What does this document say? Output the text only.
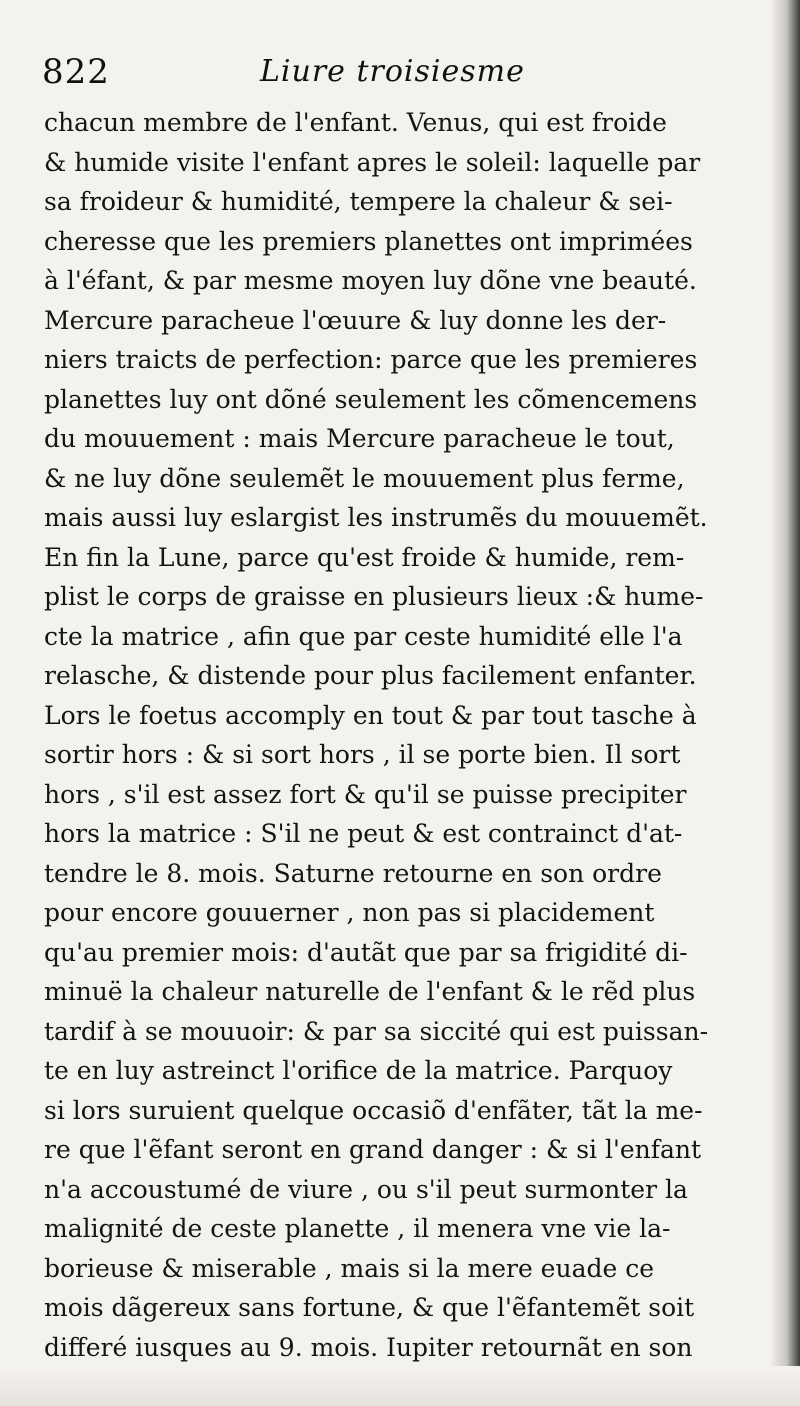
822	Liure troisiesme
chacun membre de l'enfant. Venus, qui est froide
& humide visite l'enfant apres le soleil: laquelle par
sa froideur & humidité, tempere la chaleur & sei-
cheresse que les premiers planettes ont imprimées
à l'éfant, & par mesme moyen luy dõne vne beauté.
Mercure paracheue l'œuure & luy donne les der-
niers traicts de perfection: parce que les premieres
planettes luy ont dõné seulement les cõmencemens
du mouuement : mais Mercure paracheue le tout,
& ne luy dõne seulemẽt le mouuement plus ferme,
mais aussi luy eslargist les instrumẽs du mouuemẽt.
En fin la Lune, parce qu'est froide & humide, rem-
plist le corps de graisse en plusieurs lieux :& hume-
cte la matrice , afin que par ceste humidité elle l'a
relasche, & distende pour plus facilement enfanter.
Lors le foetus accomply en tout & par tout tasche à
sortir hors : & si sort hors , il se porte bien. Il sort
hors , s'il est assez fort & qu'il se puisse precipiter
hors la matrice : S'il ne peut & est contrainct d'at-
tendre le 8. mois. Saturne retourne en son ordre
pour encore gouuerner , non pas si placidement
qu'au premier mois: d'autãt que par sa frigidité di-
minuë la chaleur naturelle de l'enfant & le rẽd plus
tardif à se mouuoir: & par sa siccité qui est puissan-
te en luy astreinct l'orifice de la matrice. Parquoy
si lors suruient quelque occasiõ d'enfãter, tãt la me-
re que l'ẽfant seront en grand danger : & si l'enfant
n'a accoustumé de viure , ou s'il peut surmonter la
malignité de ceste planette , il menera vne vie la-
borieuse & miserable , mais si la mere euade ce
mois dãgereux sans fortune, & que l'ẽfantemẽt soit
differé iusques au 9. mois. Iupiter retournãt en son
